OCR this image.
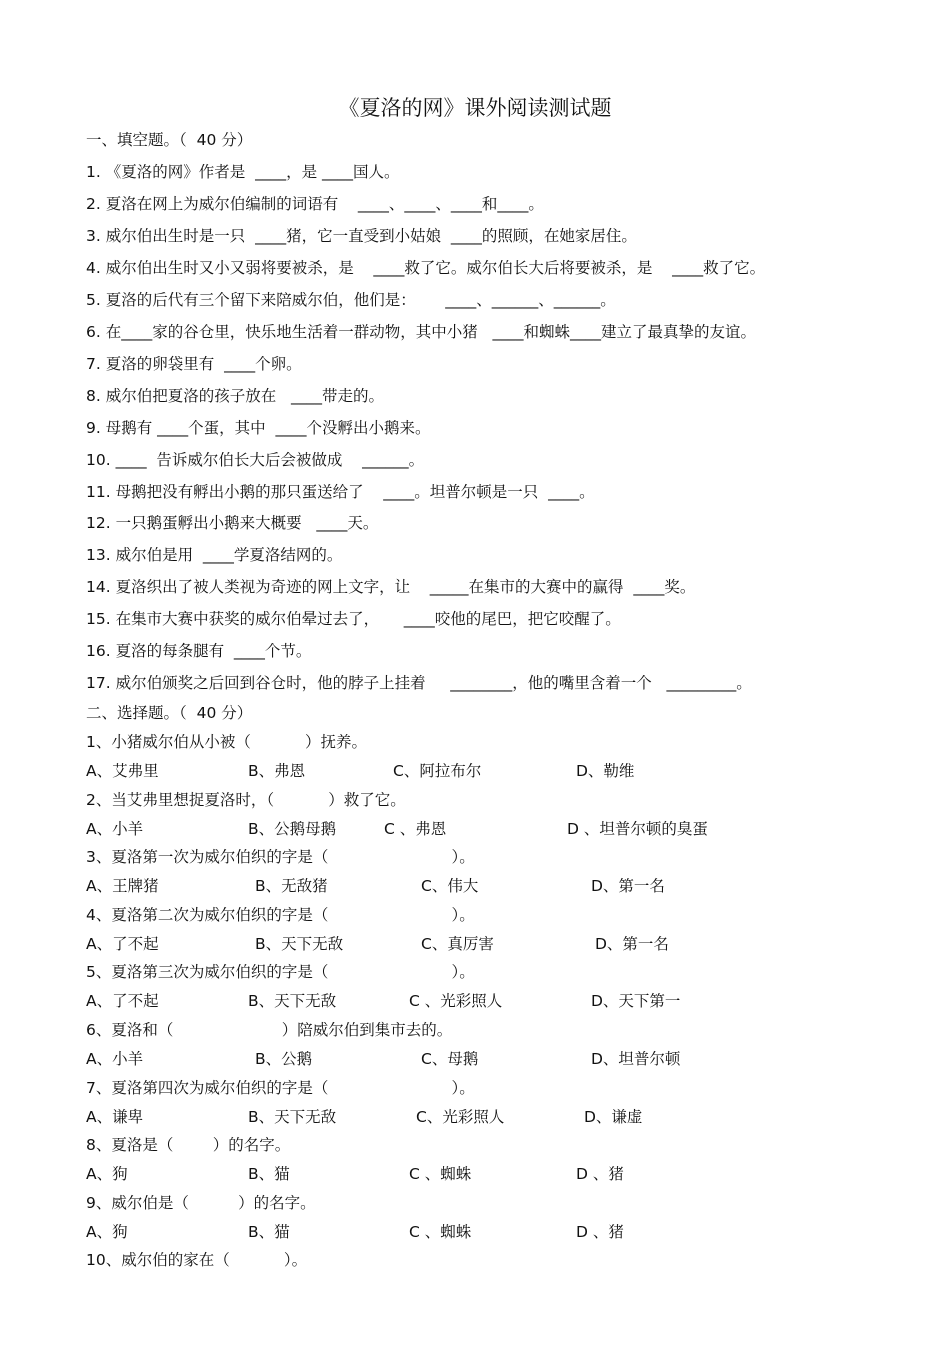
《夏洛的网》课外阅读测试题
一、填空题。（  40 分）
1. 《夏洛的网》作者是  ____，是 ____国人。
2. 夏洛在网上为威尔伯编制的词语有    ____、____、____和____。
3. 威尔伯出生时是一只  ____猪，它一直受到小姑娘  ____的照顾，在她家居住。
4. 威尔伯出生时又小又弱将要被杀，是    ____救了它。威尔伯长大后将要被杀，是    ____救了它。
5. 夏洛的后代有三个留下来陪威尔伯，他们是：      ____、______、______。
6. 在____家的谷仓里，快乐地生活着一群动物，其中小猪   ____和蜘蛛____建立了最真挚的友谊。
7. 夏洛的卵袋里有  ____个卵。
8. 威尔伯把夏洛的孩子放在   ____带走的。
9. 母鹅有 ____个蛋，其中  ____个没孵出小鹅来。
10. ____  告诉威尔伯长大后会被做成    ______。
11. 母鹅把没有孵出小鹅的那只蛋送给了    ____。坦普尔顿是一只  ____。
12. 一只鹅蛋孵出小鹅来大概要   ____天。
13. 威尔伯是用  ____学夏洛结网的。
14. 夏洛织出了被人类视为奇迹的网上文字，让    _____在集市的大赛中的赢得  ____奖。
15. 在集市大赛中获奖的威尔伯晕过去了，     ____咬他的尾巴，把它咬醒了。
16. 夏洛的每条腿有  ____个节。
17. 威尔伯颁奖之后回到谷仓时，他的脖子上挂着     ________，他的嘴里含着一个   _________。
二、选择题。（  40 分）
1、小猪威尔伯从小被（           ）抚养。
A、艾弗里	B、弗恩	C、阿拉布尔	D、勒维
2、当艾弗里想捉夏洛时，（           ）救了它。
A、小羊	B、公鹅母鹅	C 、弗恩	D 、坦普尔顿的臭蛋
3、夏洛第一次为威尔伯织的字是（                         ）。
A、王牌猪	B、无敌猪	C、伟大	D、第一名
4、夏洛第二次为威尔伯织的字是（                         ）。
A、了不起	B、天下无敌	C、真厉害	D、第一名
5、夏洛第三次为威尔伯织的字是（                         ）。
A、了不起	B、天下无敌	C 、光彩照人	D、天下第一
6、夏洛和（                      ）陪威尔伯到集市去的。
A、小羊	B、公鹅	C、母鹅	D、坦普尔顿
7、夏洛第四次为威尔伯织的字是（                         ）。
A、谦卑	B、天下无敌	C、光彩照人	D、谦虚
8、夏洛是（        ）的名字。
A、狗	B、猫	C 、蜘蛛	D 、猪
9、威尔伯是（          ）的名字。
A、狗	B、猫	C 、蜘蛛	D 、猪
10、威尔伯的家在（           ）。
